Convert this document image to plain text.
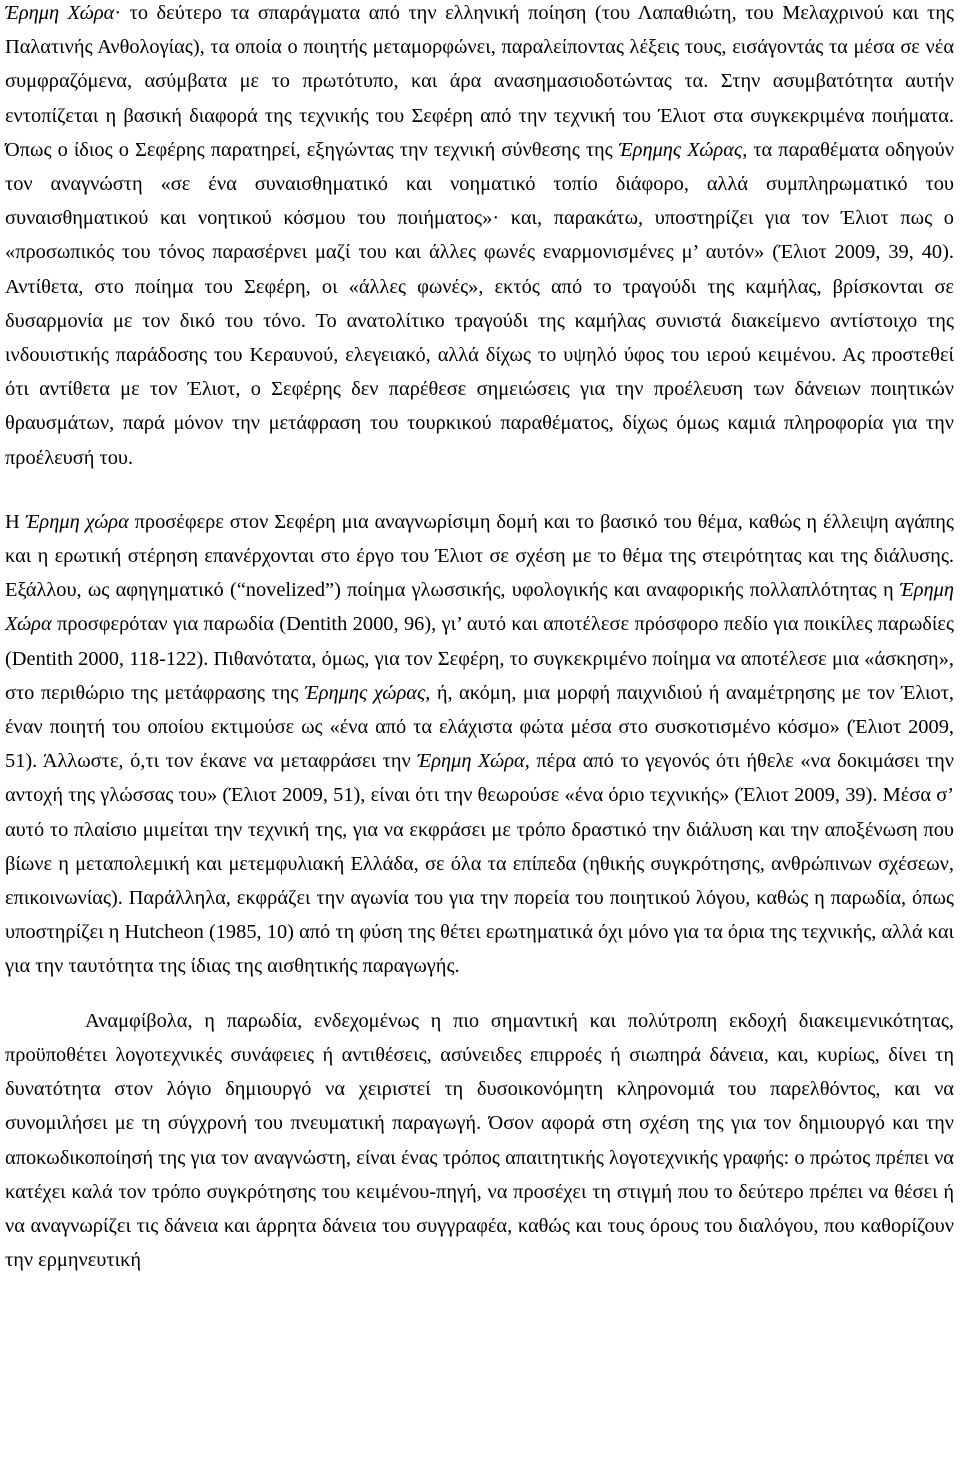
Έρημη Χώρα· το δεύτερο τα σπαράγματα από την ελληνική ποίηση (του Λαπαθιώτη, του Μελαχρινού και της Παλατινής Ανθολογίας), τα οποία ο ποιητής μεταμορφώνει, παραλείποντας λέξεις τους, εισάγοντάς τα μέσα σε νέα συμφραζόμενα, ασύμβατα με το πρωτότυπο, και άρα ανασημασιοδοτώντας τα. Στην ασυμβατότητα αυτήν εντοπίζεται η βασική διαφορά της τεχνικής του Σεφέρη από την τεχνική του Έλιοτ στα συγκεκριμένα ποιήματα. Όπως ο ίδιος ο Σεφέρης παρατηρεί, εξηγώντας την τεχνική σύνθεσης της Έρημης Χώρας, τα παραθέματα οδηγούν τον αναγνώστη «σε ένα συναισθηματικό και νοηματικό τοπίο διάφορο, αλλά συμπληρωματικό του συναισθηματικού και νοητικού κόσμου του ποιήματος»· και, παρακάτω, υποστηρίζει για τον Έλιοτ πως ο «προσωπικός του τόνος παρασέρνει μαζί του και άλλες φωνές εναρμονισμένες μ’ αυτόν» (Έλιοτ 2009, 39, 40). Αντίθετα, στο ποίημα του Σεφέρη, οι «άλλες φωνές», εκτός από το τραγούδι της καμήλας, βρίσκονται σε δυσαρμονία με τον δικό του τόνο. Το ανατολίτικο τραγούδι της καμήλας συνιστά διακείμενο αντίστοιχο της ινδουιστικής παράδοσης του Κεραυνού, ελεγειακό, αλλά δίχως το υψηλό ύφος του ιερού κειμένου. Ας προστεθεί ότι αντίθετα με τον Έλιοτ, ο Σεφέρης δεν παρέθεσε σημειώσεις για την προέλευση των δάνειων ποιητικών θραυσμάτων, παρά μόνον την μετάφραση του τουρκικού παραθέματος, δίχως όμως καμιά πληροφορία για την προέλευσή του.

Η Έρημη χώρα προσέφερε στον Σεφέρη μια αναγνωρίσιμη δομή και το βασικό του θέμα, καθώς η έλλειψη αγάπης και η ερωτική στέρηση επανέρχονται στο έργο του Έλιοτ σε σχέση με το θέμα της στειρότητας και της διάλυσης. Εξάλλου, ως αφηγηματικό (“novelized”) ποίημα γλωσσικής, υφολογικής και αναφορικής πολλαπλότητας η Έρημη Χώρα προσφερόταν για παρωδία (Dentith 2000, 96), γι’ αυτό και αποτέλεσε πρόσφορο πεδίο για ποικίλες παρωδίες (Dentith 2000, 118-122). Πιθανότατα, όμως, για τον Σεφέρη, το συγκεκριμένο ποίημα να αποτέλεσε μια «άσκηση», στο περιθώριο της μετάφρασης της Έρημης χώρας, ή, ακόμη, μια μορφή παιχνιδιού ή αναμέτρησης με τον Έλιοτ, έναν ποιητή του οποίου εκτιμούσε ως «ένα από τα ελάχιστα φώτα μέσα στο συσκοτισμένο κόσμο» (Έλιοτ 2009, 51). Άλλωστε, ό,τι τον έκανε να μεταφράσει την Έρημη Χώρα, πέρα από το γεγονός ότι ήθελε «να δοκιμάσει την αντοχή της γλώσσας του» (Έλιοτ 2009, 51), είναι ότι την θεωρούσε «ένα όριο τεχνικής» (Έλιοτ 2009, 39). Μέσα σ’ αυτό το πλαίσιο μιμείται την τεχνική της, για να εκφράσει με τρόπο δραστικό την διάλυση και την αποξένωση που βίωνε η μεταπολεμική και μετεμφυλιακή Ελλάδα, σε όλα τα επίπεδα (ηθικής συγκρότησης, ανθρώπινων σχέσεων, επικοινωνίας). Παράλληλα, εκφράζει την αγωνία του για την πορεία του ποιητικού λόγου, καθώς η παρωδία, όπως υποστηρίζει η Hutcheon (1985, 10) από τη φύση της θέτει ερωτηματικά όχι μόνο για τα όρια της τεχνικής, αλλά και για την ταυτότητα της ίδιας της αισθητικής παραγωγής.

Αναμφίβολα, η παρωδία, ενδεχομένως η πιο σημαντική και πολύτροπη εκδοχή διακειμενικότητας, προϋποθέτει λογοτεχνικές συνάφειες ή αντιθέσεις, ασύνειδες επιρροές ή σιωπηρά δάνεια, και, κυρίως, δίνει τη δυνατότητα στον λόγιο δημιουργό να χειριστεί τη δυσοικονόμητη κληρονομιά του παρελθόντος, και να συνομιλήσει με τη σύγχρονή του πνευματική παραγωγή. Όσον αφορά στη σχέση της για τον δημιουργό και την αποκωδικοποίησή της για τον αναγνώστη, είναι ένας τρόπος απαιτητικής λογοτεχνικής γραφής: ο πρώτος πρέπει να κατέχει καλά τον τρόπο συγκρότησης του κειμένου-πηγή, να προσέχει τη στιγμή που το δεύτερο πρέπει να θέσει ή να αναγνωρίζει τις δάνεια και άρρητα δάνεια του συγγραφέα, καθώς και τους όρους του διαλόγου, που καθορίζουν την ερμηνευτική
